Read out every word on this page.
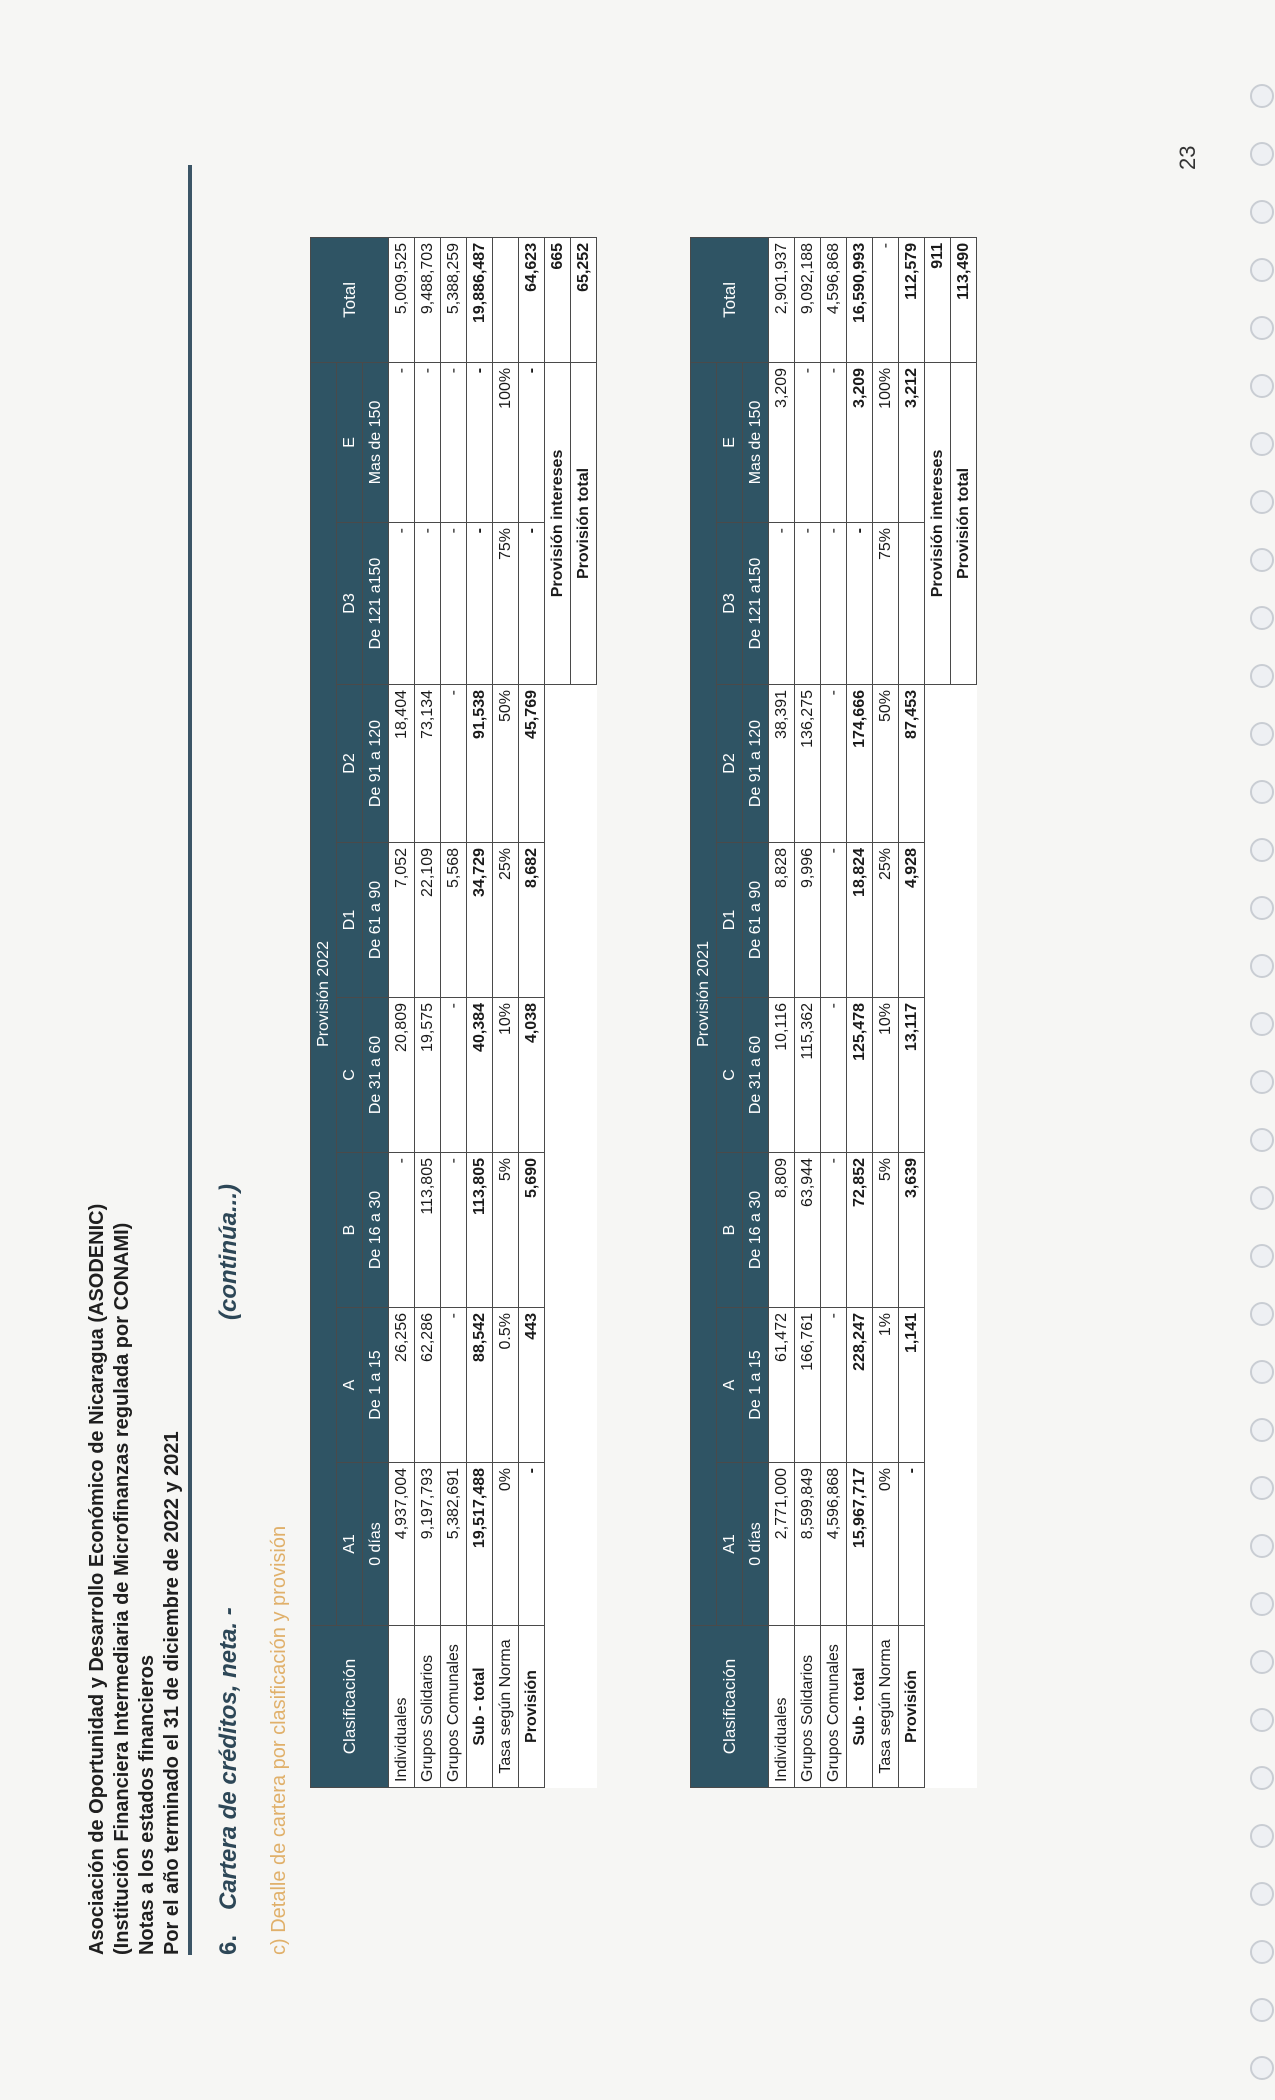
Asociación de Oportunidad y Desarrollo Económico de Nicaragua (ASODENIC) (Institución Financiera Intermediaria de Microfinanzas regulada por CONAMI) Notas a los estados financieros Por el año terminado el 31 de diciembre de 2022 y 2021 6.
Cartera de créditos, neta. -
(continúa...)
c) Detalle de cartera por clasificación y provisión
23
Clasificación	Provisión 2022								Total
	A1	A	B	C	D1	D2	D3	E	
	0 días	De 1 a 15	De 16 a 30	De 31 a 60	De 61 a 90	De 91 a 120	De 121 a150	Mas de 150	
Individuales	4,937,004	26,256	-	20,809	7,052	18,404	-	-	5,009,525
Grupos Solidarios	9,197,793	62,286	113,805	19,575	22,109	73,134	-	-	9,488,703
Grupos Comunales	5,382,691	-	-	-	5,568	-	-	-	5,388,259
Sub - total	19,517,488	88,542	113,805	40,384	34,729	91,538	-	-	19,886,487
Tasa según Norma	0%	0.5%	5%	10%	25%	50%	75%	100%	
Provisión	-	443	5,690	4,038	8,682	45,769	-	-	64,623
							Provisión intereses		665
							Provisión total		65,252
Clasificación	Provisión 2021								Total
	A1	A	B	C	D1	D2	D3	E	
	0 días	De 1 a 15	De 16 a 30	De 31 a 60	De 61 a 90	De 91 a 120	De 121 a150	Mas de 150	
Individuales	2,771,000	61,472	8,809	10,116	8,828	38,391	-	3,209	2,901,937
Grupos Solidarios	8,599,849	166,761	63,944	115,362	9,996	136,275	-	-	9,092,188
Grupos Comunales	4,596,868	-	-	-	-	-	-	-	4,596,868
Sub - total	15,967,717	228,247	72,852	125,478	18,824	174,666	-	3,209	16,590,993
Tasa según Norma	0%	1%	5%	10%	25%	50%	75%	100%	-
Provisión	-	1,141	3,639	13,117	4,928	87,453		3,212	112,579
							Provisión intereses		911
							Provisión total		113,490
